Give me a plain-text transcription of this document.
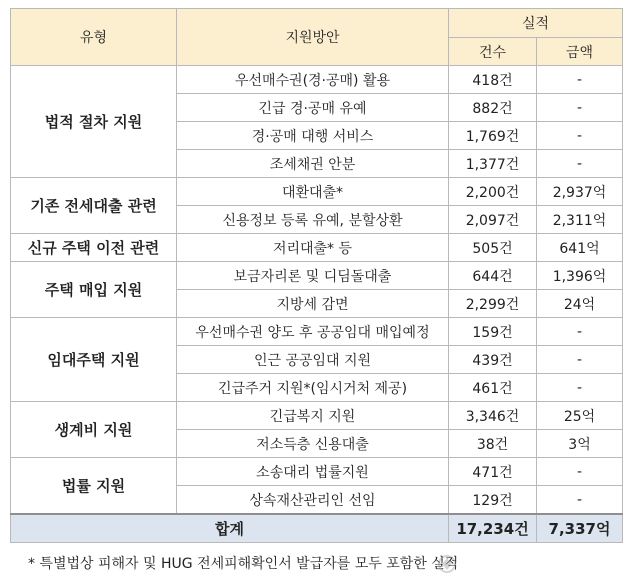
유형	지원방안	실적	
		건수	금액
법적 절차 지원	우선매수권(경·공매) 활용	418건	-
	긴급 경·공매 유예	882건	-
	경·공매 대행 서비스	1,769건	-
	조세채권 안분	1,377건	-
기존 전세대출 관련	대환대출*	2,200건	2,937억
	신용정보 등록 유예, 분할상환	2,097건	2,311억
신규 주택 이전 관련	저리대출* 등	505건	641억
주택 매입 지원	보금자리론 및 디딤돌대출	644건	1,396억
	지방세 감면	2,299건	24억
임대주택 지원	우선매수권 양도 후 공공임대 매입예정	159건	-
	인근 공공임대 지원	439건	-
	긴급주거 지원*(임시거처 제공)	461건	-
생계비 지원	긴급복지 지원	3,346건	25억
	저소득층 신용대출	38건	3억
법률 지원	소송대리 법률지원	471건	-
	상속재산관리인 선임	129건	-
합계		17,234건	7,337억
* 특별법상 피해자 및 HUG 전세피해확인서 발급자를 모두 포함한 실적
